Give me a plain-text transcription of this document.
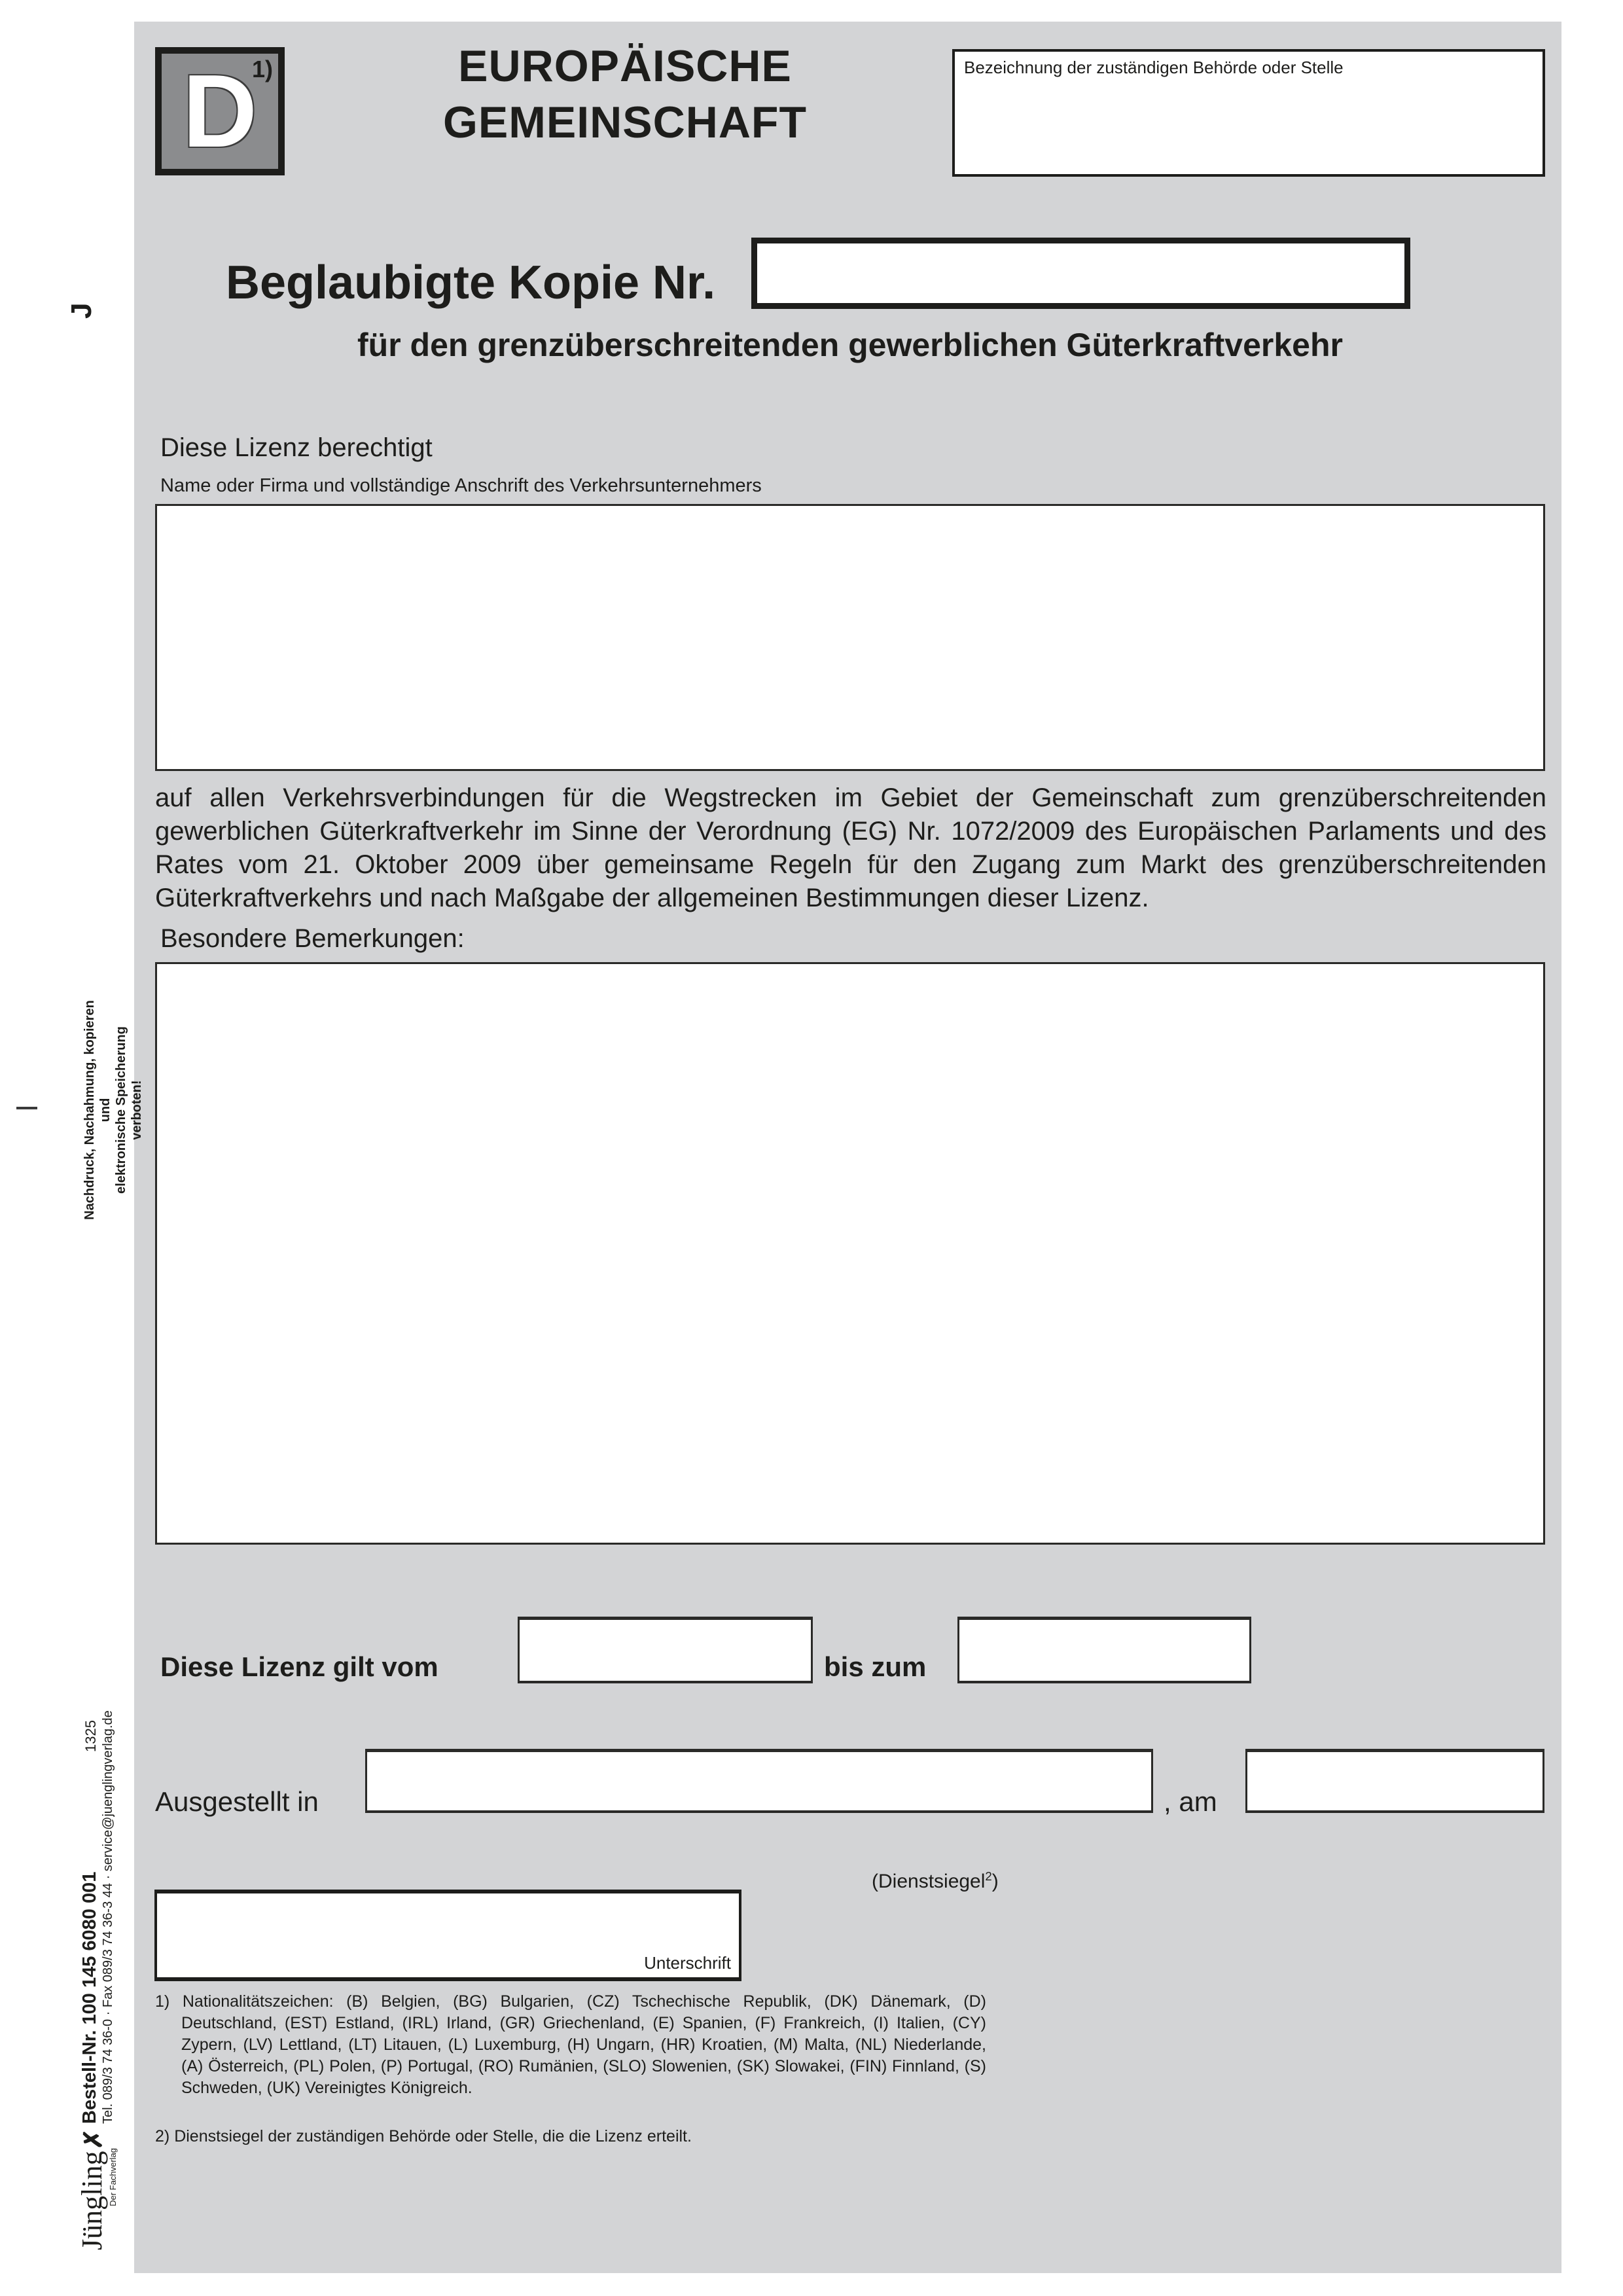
D
1)	EUROPÄISCHE
GEMEINSCHAFT
Bezeichnung der zuständigen Behörde oder Stelle
Beglaubigte Kopie Nr.
für den grenzüberschreitenden gewerblichen Güterkraftverkehr
Diese Lizenz berechtigt
Name oder Firma und vollständige Anschrift des Verkehrsunternehmers
auf allen Verkehrsverbindungen für die Wegstrecken im Gebiet der Gemeinschaft zum grenzüberschreitenden gewerblichen Güterkraftverkehr im Sinne der Verordnung (EG) Nr. 1072/2009 des Europäischen Parlaments und des Rates vom 21. Oktober 2009 über gemeinsame Regeln für den Zugang zum Markt des grenzüberschreitenden Güterkraftverkehrs und nach Maßgabe der allgemeinen Bestimmungen dieser Lizenz.
Besondere Bemerkungen:
Diese Lizenz gilt vom	bis zum
Ausgestellt in	, am
Unterschrift
(Dienstsiegel$^2$)
1) Nationalitätszeichen: (B) Belgien, (BG) Bulgarien, (CZ) Tschechische Republik, (DK) Dänemark, (D) Deutschland, (EST) Estland, (IRL) Irland, (GR) Griechenland, (E) Spanien, (F) Frankreich, (I) Italien, (CY) Zypern, (LV) Lettland, (LT) Litauen, (L) Luxemburg, (H) Ungarn, (HR) Kroatien, (M) Malta, (NL) Niederlande, (A) Österreich, (PL) Polen, (P) Portugal, (RO) Rumänien, (SLO) Slowenien, (SK) Slowakei, (FIN) Finnland, (S) Schweden, (UK) Vereinigtes Königreich.
2) Dienstsiegel der zuständigen Behörde oder Stelle, die die Lizenz erteilt.
J
Nachdruck, Nachahmung, kopieren und elektronische Speicherung verboten!
Bestell-Nr. 100 145 6080 001
1325 Tel. 089/3 74 36-0 · Fax 089/3 74 36-3 44 · service@juenglingverlag.de
Jüngling
✗
Der Fachverlag
